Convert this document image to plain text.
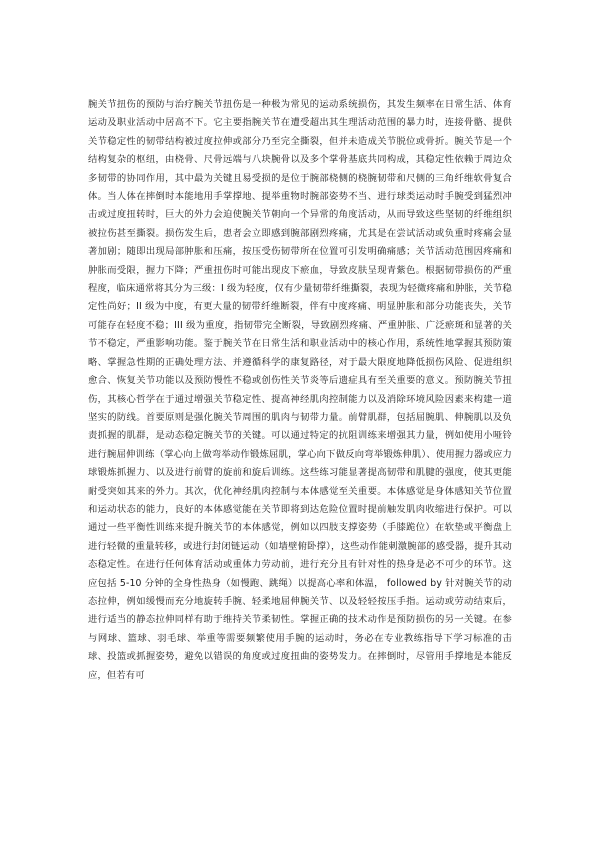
腕关节扭伤的预防与治疗腕关节扭伤是一种极为常见的运动系统损伤，其发生频率在日常生活、体育运动及职业活动中居高不下。它主要指腕关节在遭受超出其生理活动范围的暴力时，连接骨骼、提供关节稳定性的韧带结构被过度拉伸或部分乃至完全撕裂，但并未造成关节脱位或骨折。腕关节是一个结构复杂的枢纽，由桡骨、尺骨远端与八块腕骨以及多个掌骨基底共同构成，其稳定性依赖于周边众多韧带的协同作用，其中最为关键且易受损的是位于腕部桡侧的桡腕韧带和尺侧的三角纤维软骨复合体。当人体在摔倒时本能地用手掌撑地、提举重物时腕部姿势不当、进行球类运动时手腕受到猛烈冲击或过度扭转时，巨大的外力会迫使腕关节朝向一个异常的角度活动，从而导致这些坚韧的纤维组织被拉伤甚至撕裂。损伤发生后，患者会立即感到腕部剧烈疼痛，尤其是在尝试活动或负重时疼痛会显著加剧；随即出现局部肿胀和压痛，按压受伤韧带所在位置可引发明确痛感；关节活动范围因疼痛和肿胀而受限，握力下降；严重扭伤时可能出现皮下瘀血，导致皮肤呈现青紫色。根据韧带损伤的严重程度，临床通常将其分为三级：I 级为轻度，仅有少量韧带纤维撕裂，表现为轻微疼痛和肿胀，关节稳定性尚好；II 级为中度，有更大量的韧带纤维断裂，伴有中度疼痛、明显肿胀和部分功能丧失，关节可能存在轻度不稳；III 级为重度，指韧带完全断裂，导致剧烈疼痛、严重肿胀、广泛瘀斑和显著的关节不稳定，严重影响功能。鉴于腕关节在日常生活和职业活动中的核心作用，系统性地掌握其预防策略、掌握急性期的正确处理方法、并遵循科学的康复路径，对于最大限度地降低损伤风险、促进组织愈合、恢复关节功能以及预防慢性不稳或创伤性关节炎等后遗症具有至关重要的意义。预防腕关节扭伤，其核心哲学在于通过增强关节稳定性、提高神经肌肉控制能力以及消除环境风险因素来构建一道坚实的防线。首要原则是强化腕关节周围的肌肉与韧带力量。前臂肌群，包括屈腕肌、伸腕肌以及负责抓握的肌群，是动态稳定腕关节的关键。可以通过特定的抗阻训练来增强其力量，例如使用小哑铃进行腕屈伸训练（掌心向上做弯举动作锻炼屈肌，掌心向下做反向弯举锻炼伸肌）、使用握力器或应力球锻炼抓握力、以及进行前臂的旋前和旋后训练。这些练习能显著提高韧带和肌腱的强度，使其更能耐受突如其来的外力。其次，优化神经肌肉控制与本体感觉至关重要。本体感觉是身体感知关节位置和运动状态的能力，良好的本体感觉能在关节即将到达危险位置时提前触发肌肉收缩进行保护。可以通过一些平衡性训练来提升腕关节的本体感觉，例如以四肢支撑姿势（手膝跪位）在软垫或平衡盘上进行轻微的重量转移，或进行封闭链运动（如墙壁俯卧撑），这些动作能刺激腕部的感受器，提升其动态稳定性。在进行任何体育活动或重体力劳动前，进行充分且有针对性的热身是必不可少的环节。这应包括 5-10 分钟的全身性热身（如慢跑、跳绳）以提高心率和体温， followed by 针对腕关节的动态拉伸，例如缓慢而充分地旋转手腕、轻柔地屈伸腕关节、以及轻轻按压手指。运动或劳动结束后，进行适当的静态拉伸同样有助于维持关节柔韧性。掌握正确的技术动作是预防损伤的另一关键。在参与网球、篮球、羽毛球、举重等需要频繁使用手腕的运动时，务必在专业教练指导下学习标准的击球、投篮或抓握姿势，避免以错误的角度或过度扭曲的姿势发力。在摔倒时，尽管用手撑地是本能反应，但若有可
